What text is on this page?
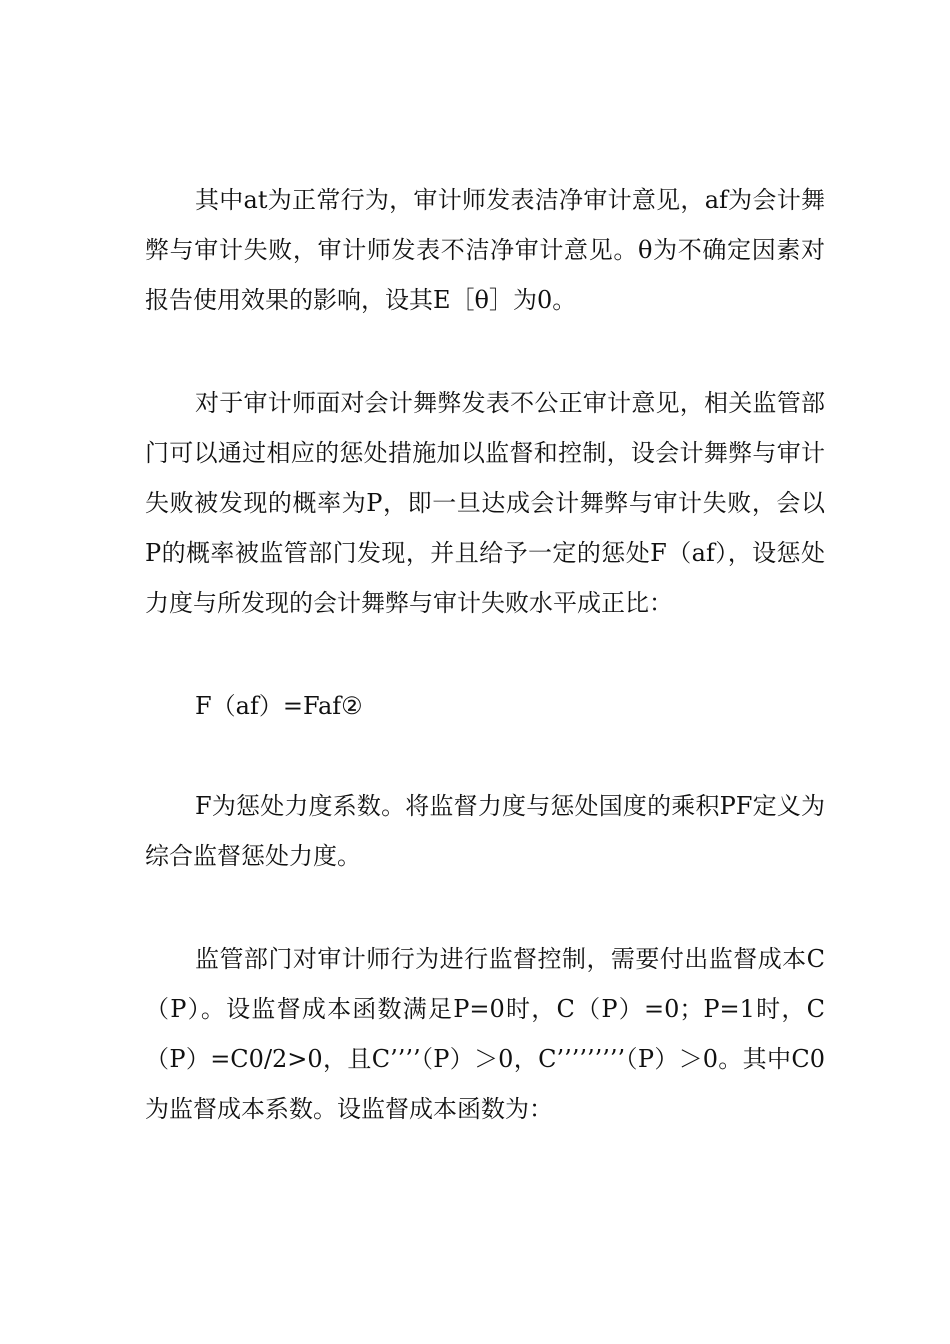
其中at为正常行为，审计师发表洁净审计意见，af为会计舞弊与审计失败，审计师发表不洁净审计意见。θ为不确定因素对报告使用效果的影响，设其E［θ］为0。

对于审计师面对会计舞弊发表不公正审计意见，相关监管部门可以通过相应的惩处措施加以监督和控制，设会计舞弊与审计失败被发现的概率为P，即一旦达成会计舞弊与审计失败，会以P的概率被监管部门发现，并且给予一定的惩处F（af），设惩处力度与所发现的会计舞弊与审计失败水平成正比：

F（af）=Faf②

F为惩处力度系数。将监督力度与惩处国度的乘积PF定义为综合监督惩处力度。

监管部门对审计师行为进行监督控制，需要付出监督成本C（P）。设监督成本函数满足P=0时，C（P）=0；P=1时，C（P）=C0/2>0，且C’’’’（P）＞0，C’’’’’’’’’（P）＞0。其中C0为监督成本系数。设监督成本函数为：
